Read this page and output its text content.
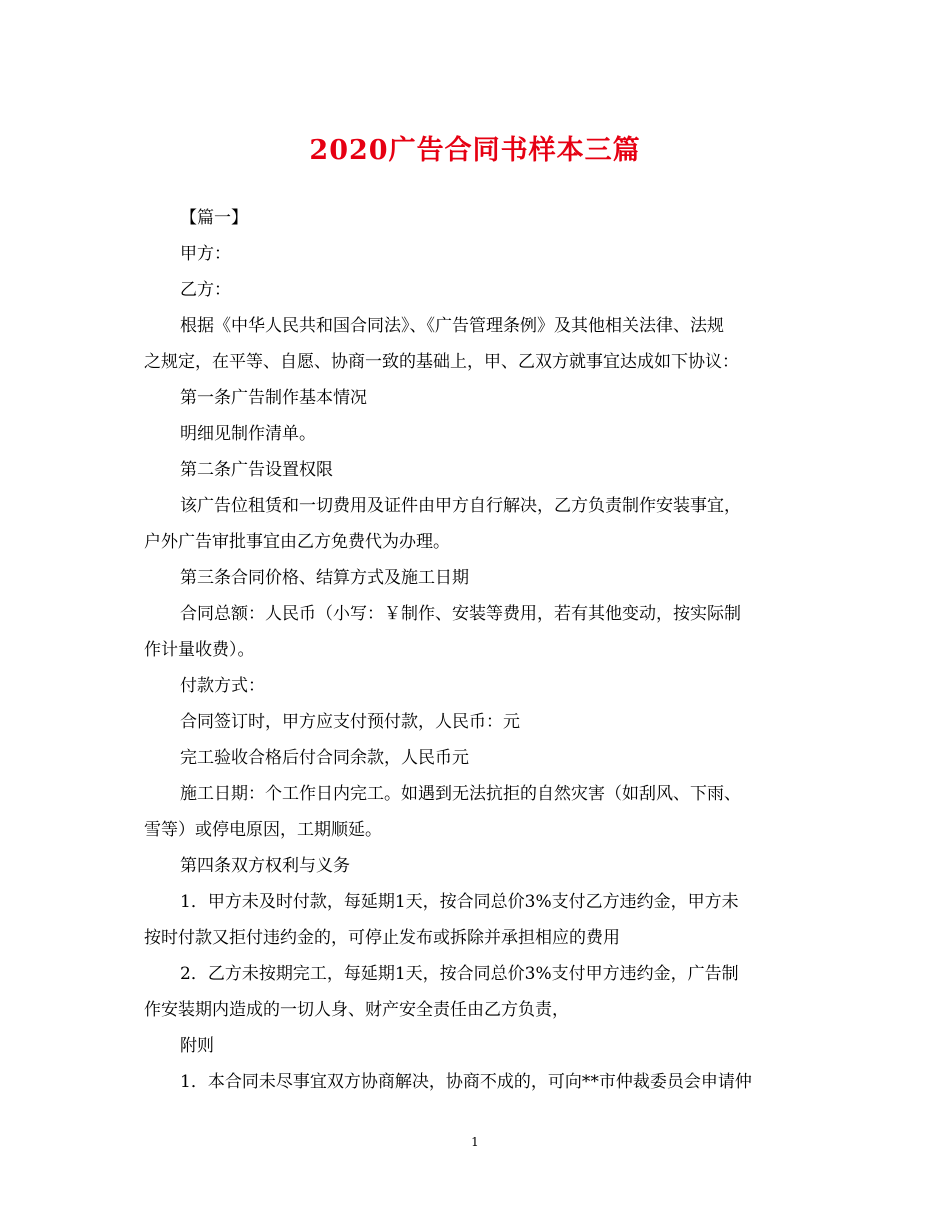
2020广告合同书样本三篇

【篇一】

甲方：

乙方：

根据《中华人民共和国合同法》、《广告管理条例》及其他相关法律、法规
之规定，在平等、自愿、协商一致的基础上，甲、乙双方就事宜达成如下协议：

第一条广告制作基本情况

明细见制作清单。

第二条广告设置权限

该广告位租赁和一切费用及证件由甲方自行解决，乙方负责制作安装事宜，
户外广告审批事宜由乙方免费代为办理。

第三条合同价格、结算方式及施工日期

合同总额：人民币（小写：￥制作、安装等费用，若有其他变动，按实际制
作计量收费）。

付款方式：

合同签订时，甲方应支付预付款，人民币：元

完工验收合格后付合同余款，人民币元

施工日期：个工作日内完工。如遇到无法抗拒的自然灾害（如刮风、下雨、
雪等）或停电原因，工期顺延。

第四条双方权利与义务

1．甲方未及时付款，每延期1天，按合同总价3%支付乙方违约金，甲方未
按时付款又拒付违约金的，可停止发布或拆除并承担相应的费用

2．乙方未按期完工，每延期1天，按合同总价3%支付甲方违约金，广告制
作安装期内造成的一切人身、财产安全责任由乙方负责，

附则

1．本合同未尽事宜双方协商解决，协商不成的，可向**市仲裁委员会申请仲

1
